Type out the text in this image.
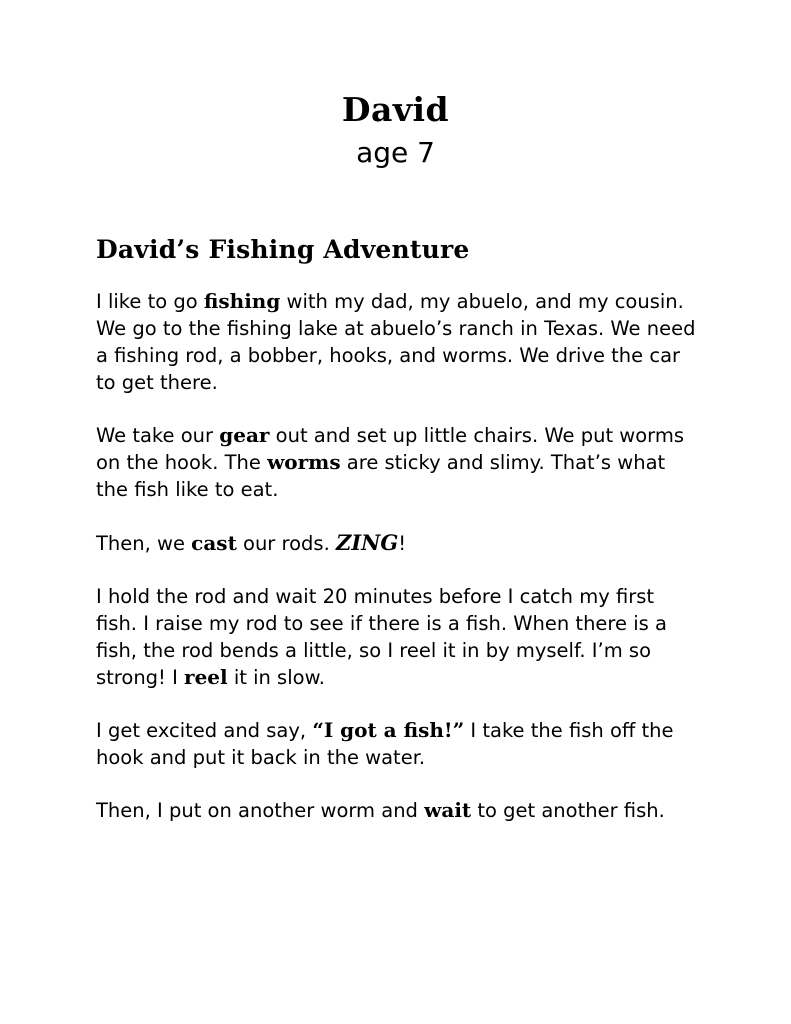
David
age 7
David’s Fishing Adventure

I like to go fishing with my dad, my abuelo, and my cousin. We go to the fishing lake at abuelo’s ranch in Texas. We need a fishing rod, a bobber, hooks, and worms. We drive the car to get there.

We take our gear out and set up little chairs. We put worms on the hook. The worms are sticky and slimy. That’s what the fish like to eat.

Then, we cast our rods. ZING!

I hold the rod and wait 20 minutes before I catch my first fish. I raise my rod to see if there is a fish. When there is a fish, the rod bends a little, so I reel it in by myself. I’m so strong! I reel it in slow.

I get excited and say, “I got a fish!” I take the fish off the hook and put it back in the water.

Then, I put on another worm and wait to get another fish.
